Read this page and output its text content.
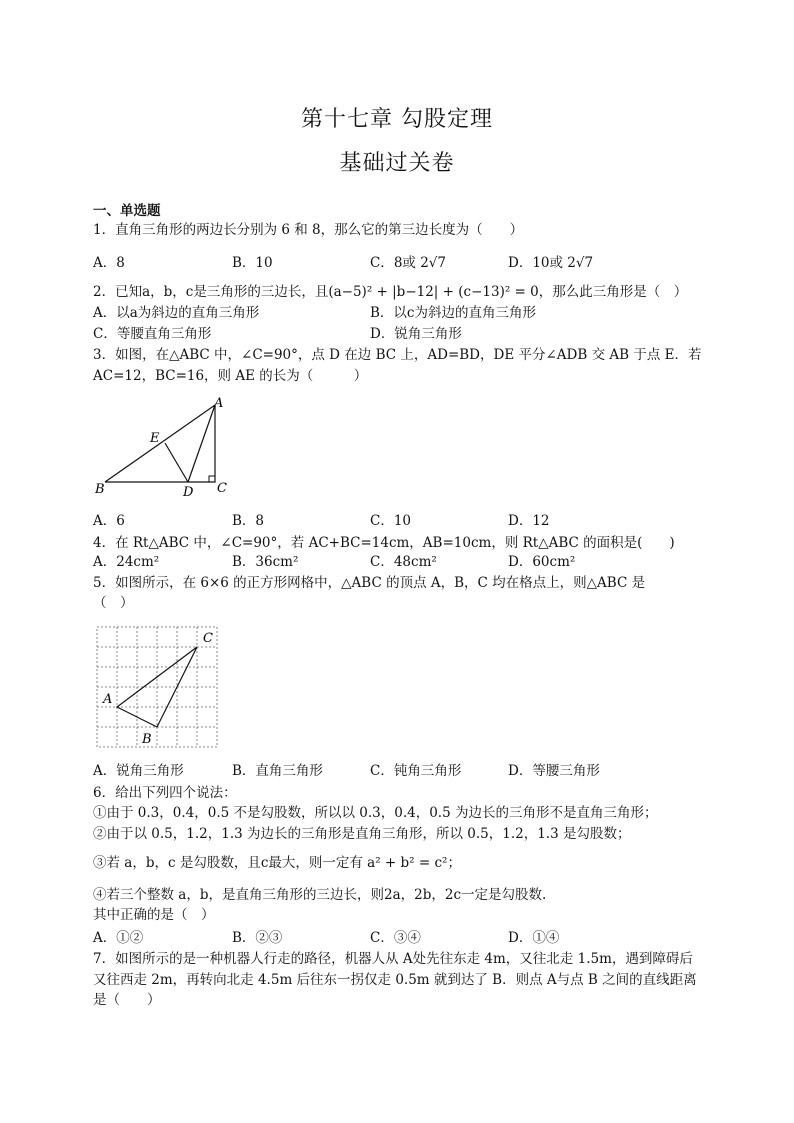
第十七章 勾股定理
基础过关卷
一、单选题
1．直角三角形的两边长分别为 6 和 8，那么它的第三边长度为（　　）
A．8	B．10	C．8或 2√7	D．10或 2√7
2．已知a，b，c是三角形的三边长，且(a−5)² + |b−12| + (c−13)² = 0，那么此三角形是（　）
A．以a为斜边的直角三角形	B．以c为斜边的直角三角形
C．等腰直角三角形	D．锐角三角形
3．如图，在△ABC 中，∠C=90°，点 D 在边 BC 上，AD=BD，DE 平分∠ADB 交 AB 于点 E．若
AC=12，BC=16，则 AE 的长为（　　　）
A
B	C
D
E
A．6	B．8	C．10	D．12
4．在 Rt△ABC 中，∠C=90°，若 AC+BC=14cm，AB=10cm，则 Rt△ABC 的面积是(　　)
A．24cm²	B．36cm²	C．48cm²	D．60cm²
5．如图所示，在 6×6 的正方形网格中，△ABC 的顶点 A，B，C 均在格点上，则△ABC 是
（　）
A
B
C
A．锐角三角形	B．直角三角形	C．钝角三角形	D．等腰三角形
6．给出下列四个说法：
①由于 0.3，0.4，0.5 不是勾股数，所以以 0.3，0.4，0.5 为边长的三角形不是直角三角形；
②由于以 0.5，1.2，1.3 为边长的三角形是直角三角形，所以 0.5，1.2，1.3 是勾股数；
③若 a，b，c 是勾股数，且c最大，则一定有 a² + b² = c²；
④若三个整数 a，b，是直角三角形的三边长，则2a，2b，2c一定是勾股数.
其中正确的是（　）
A．①②	B．②③	C．③④	D．①④
7．如图所示的是一种机器人行走的路径，机器人从 A处先往东走 4m，又往北走 1.5m，遇到障碍后
又往西走 2m，再转向北走 4.5m 后往东一拐仅走 0.5m 就到达了 B．则点 A与点 B 之间的直线距离
是（　　）
